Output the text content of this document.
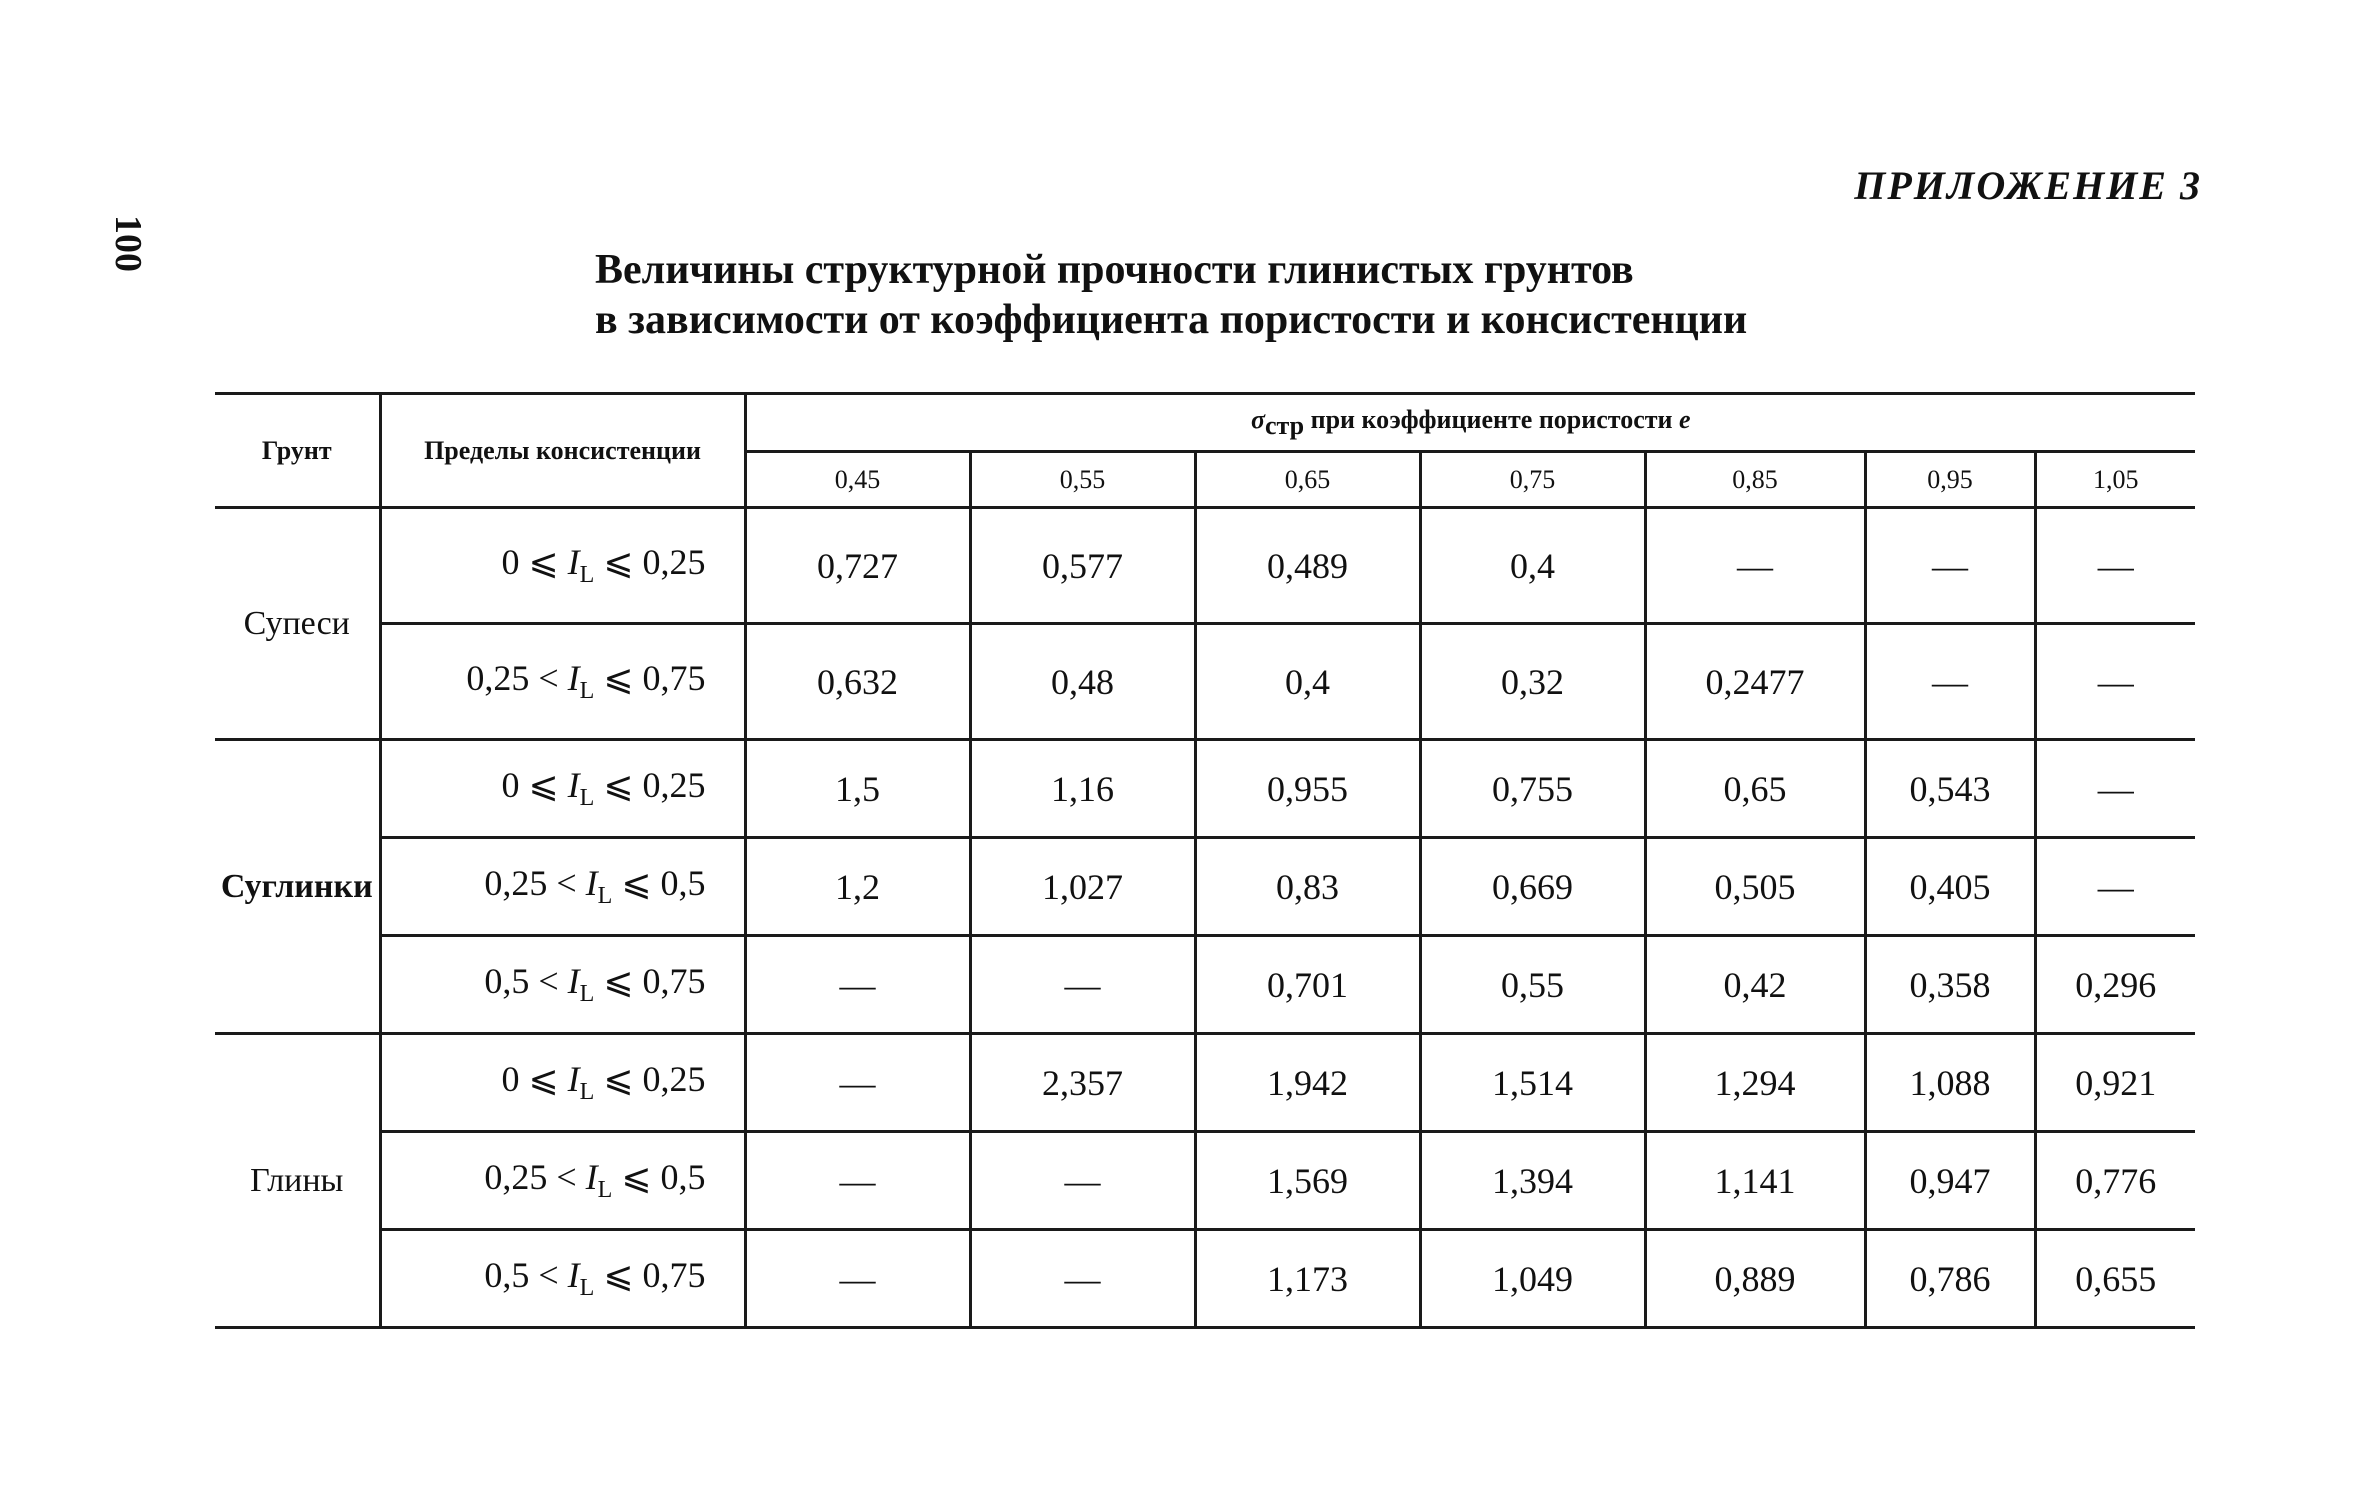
100
ПРИЛОЖЕНИЕ 3
Величины структурной прочности глинистых грунтов
в зависимости от коэффициента пористости и консистенции
Грунт	Пределы консистенции	σстр при коэффициенте пористости e						
		0,45	0,55	0,65	0,75	0,85	0,95	1,05
Супеси	0 ⩽ $I_L$ ⩽ 0,25	0,727	0,577	0,489	0,4	—	—	—
	$0,25 < I_L$ ⩽ 0,75	0,632	0,48	0,4	0,32	0,2477	—	—
Суглинки	0 ⩽ $I_L$ ⩽ 0,25	1,5	1,16	0,955	0,755	0,65	0,543	—
	$0,25 < I_L$ ⩽ 0,5	1,2	1,027	0,83	0,669	0,505	0,405	—
	$0,5 < I_L$ ⩽ 0,75	—	—	0,701	0,55	0,42	0,358	0,296
Глины	0 ⩽ $I_L$ ⩽ 0,25	—	2,357	1,942	1,514	1,294	1,088	0,921
	$0,25 < I_L$ ⩽ 0,5	—	—	1,569	1,394	1,141	0,947	0,776
	$0,5 < I_L$ ⩽ 0,75	—	—	1,173	1,049	0,889	0,786	0,655
